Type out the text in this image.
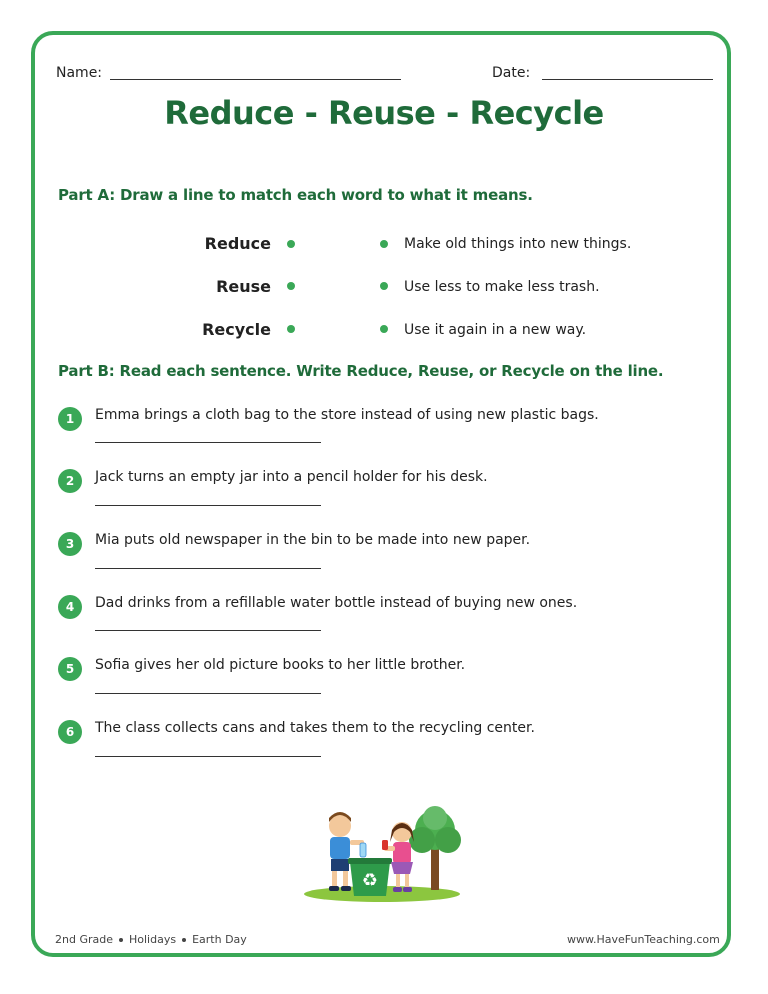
Name:	Date:
Reduce - Reuse - Recycle
Part A: Draw a line to match each word to what it means.
Reduce
Reuse
Recycle
Make old things into new things.
Use less to make less trash.
Use it again in a new way.
Part B: Read each sentence. Write Reduce, Reuse, or Recycle on the line.
1	Emma brings a cloth bag to the store instead of using new plastic bags.
2	Jack turns an empty jar into a pencil holder for his desk.
3	Mia puts old newspaper in the bin to be made into new paper.
4	Dad drinks from a refillable water bottle instead of buying new ones.
5	Sofia gives her old picture books to her little brother.
6	The class collects cans and takes them to the recycling center.
♻
2nd Grade Holidays Earth Day	www.HaveFunTeaching.com
